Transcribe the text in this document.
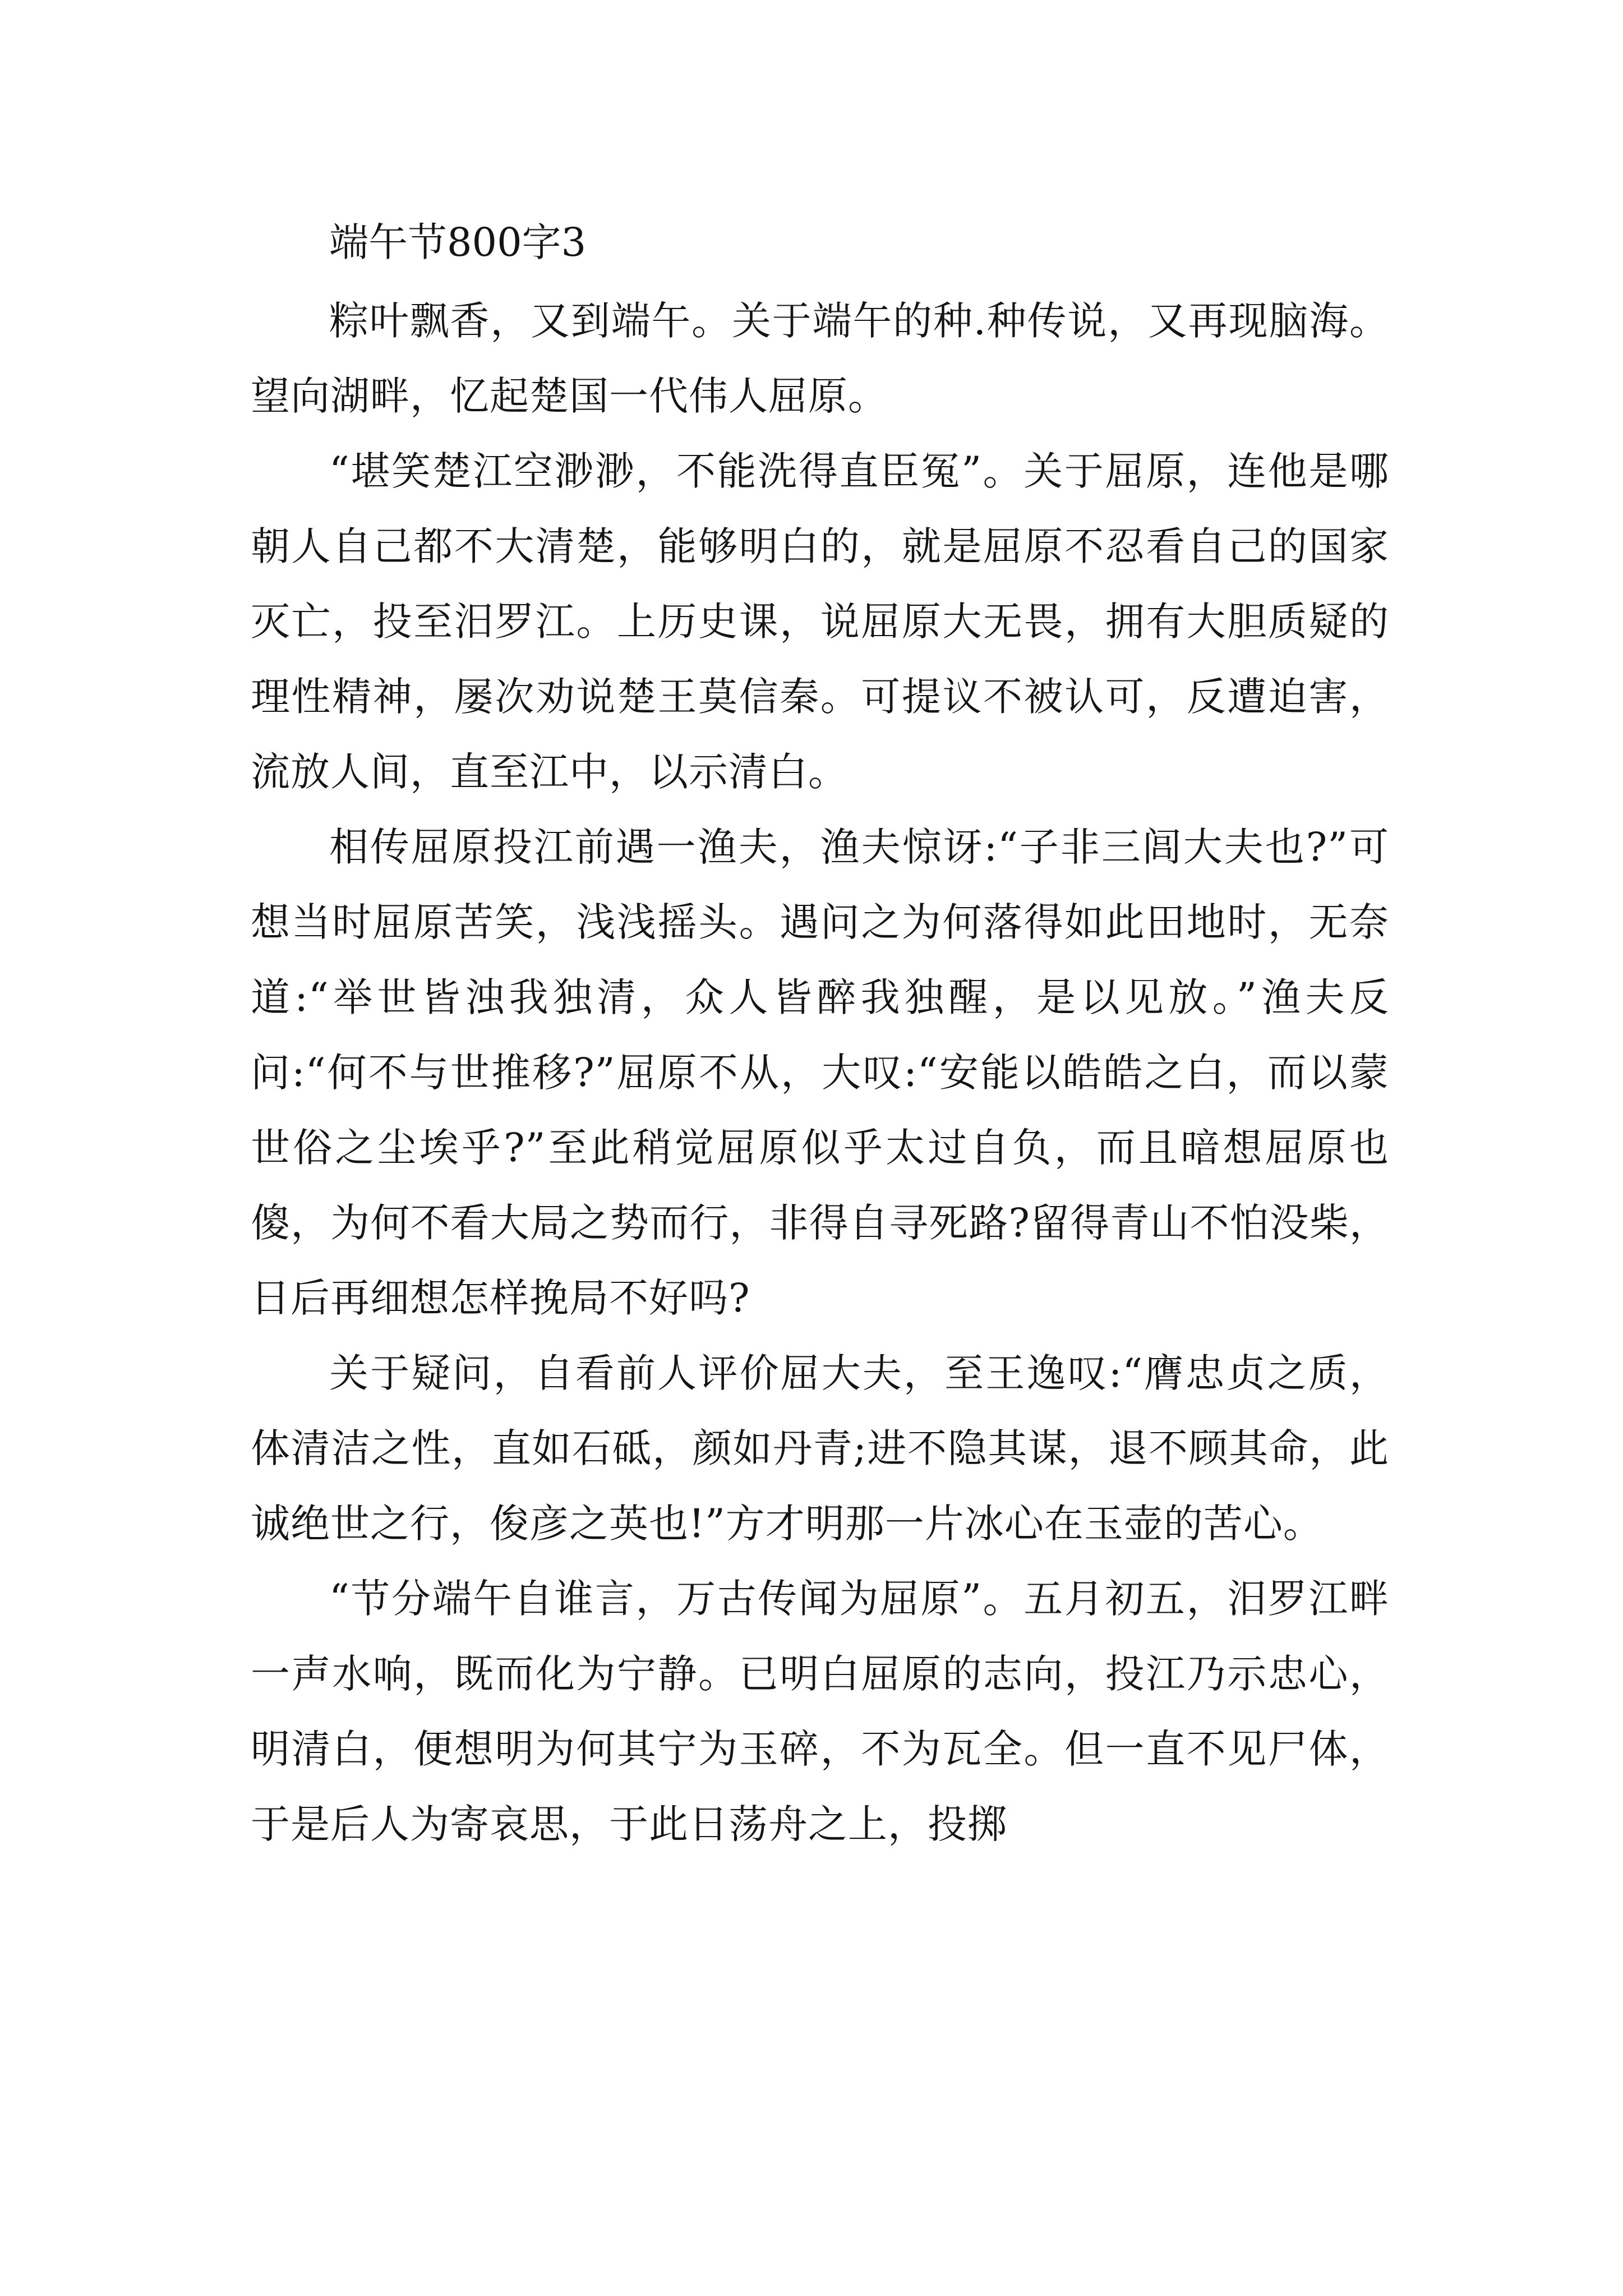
端午节800字3

粽叶飘香，又到端午。关于端午的种.种传说，又再现脑海。望向湖畔，忆起楚国一代伟人屈原。

“堪笑楚江空渺渺，不能洗得直臣冤”。关于屈原，连他是哪朝人自己都不大清楚，能够明白的，就是屈原不忍看自己的国家灭亡，投至汨罗江。上历史课，说屈原大无畏，拥有大胆质疑的理性精神，屡次劝说楚王莫信秦。可提议不被认可，反遭迫害，流放人间，直至江中，以示清白。

相传屈原投江前遇一渔夫，渔夫惊讶:“子非三闾大夫也?”可想当时屈原苦笑，浅浅摇头。遇问之为何落得如此田地时，无奈道:“举世皆浊我独清，众人皆醉我独醒，是以见放。”渔夫反问:“何不与世推移?”屈原不从，大叹:“安能以皓皓之白，而以蒙世俗之尘埃乎?”至此稍觉屈原似乎太过自负，而且暗想屈原也傻，为何不看大局之势而行，非得自寻死路?留得青山不怕没柴，日后再细想怎样挽局不好吗?

关于疑问，自看前人评价屈大夫，至王逸叹:“膺忠贞之质，体清洁之性，直如石砥，颜如丹青;进不隐其谋，退不顾其命，此诚绝世之行，俊彦之英也!”方才明那一片冰心在玉壶的苦心。

“节分端午自谁言，万古传闻为屈原”。五月初五，汨罗江畔一声水响，既而化为宁静。已明白屈原的志向，投江乃示忠心，明清白，便想明为何其宁为玉碎，不为瓦全。但一直不见尸体，于是后人为寄哀思，于此日荡舟之上，投掷
